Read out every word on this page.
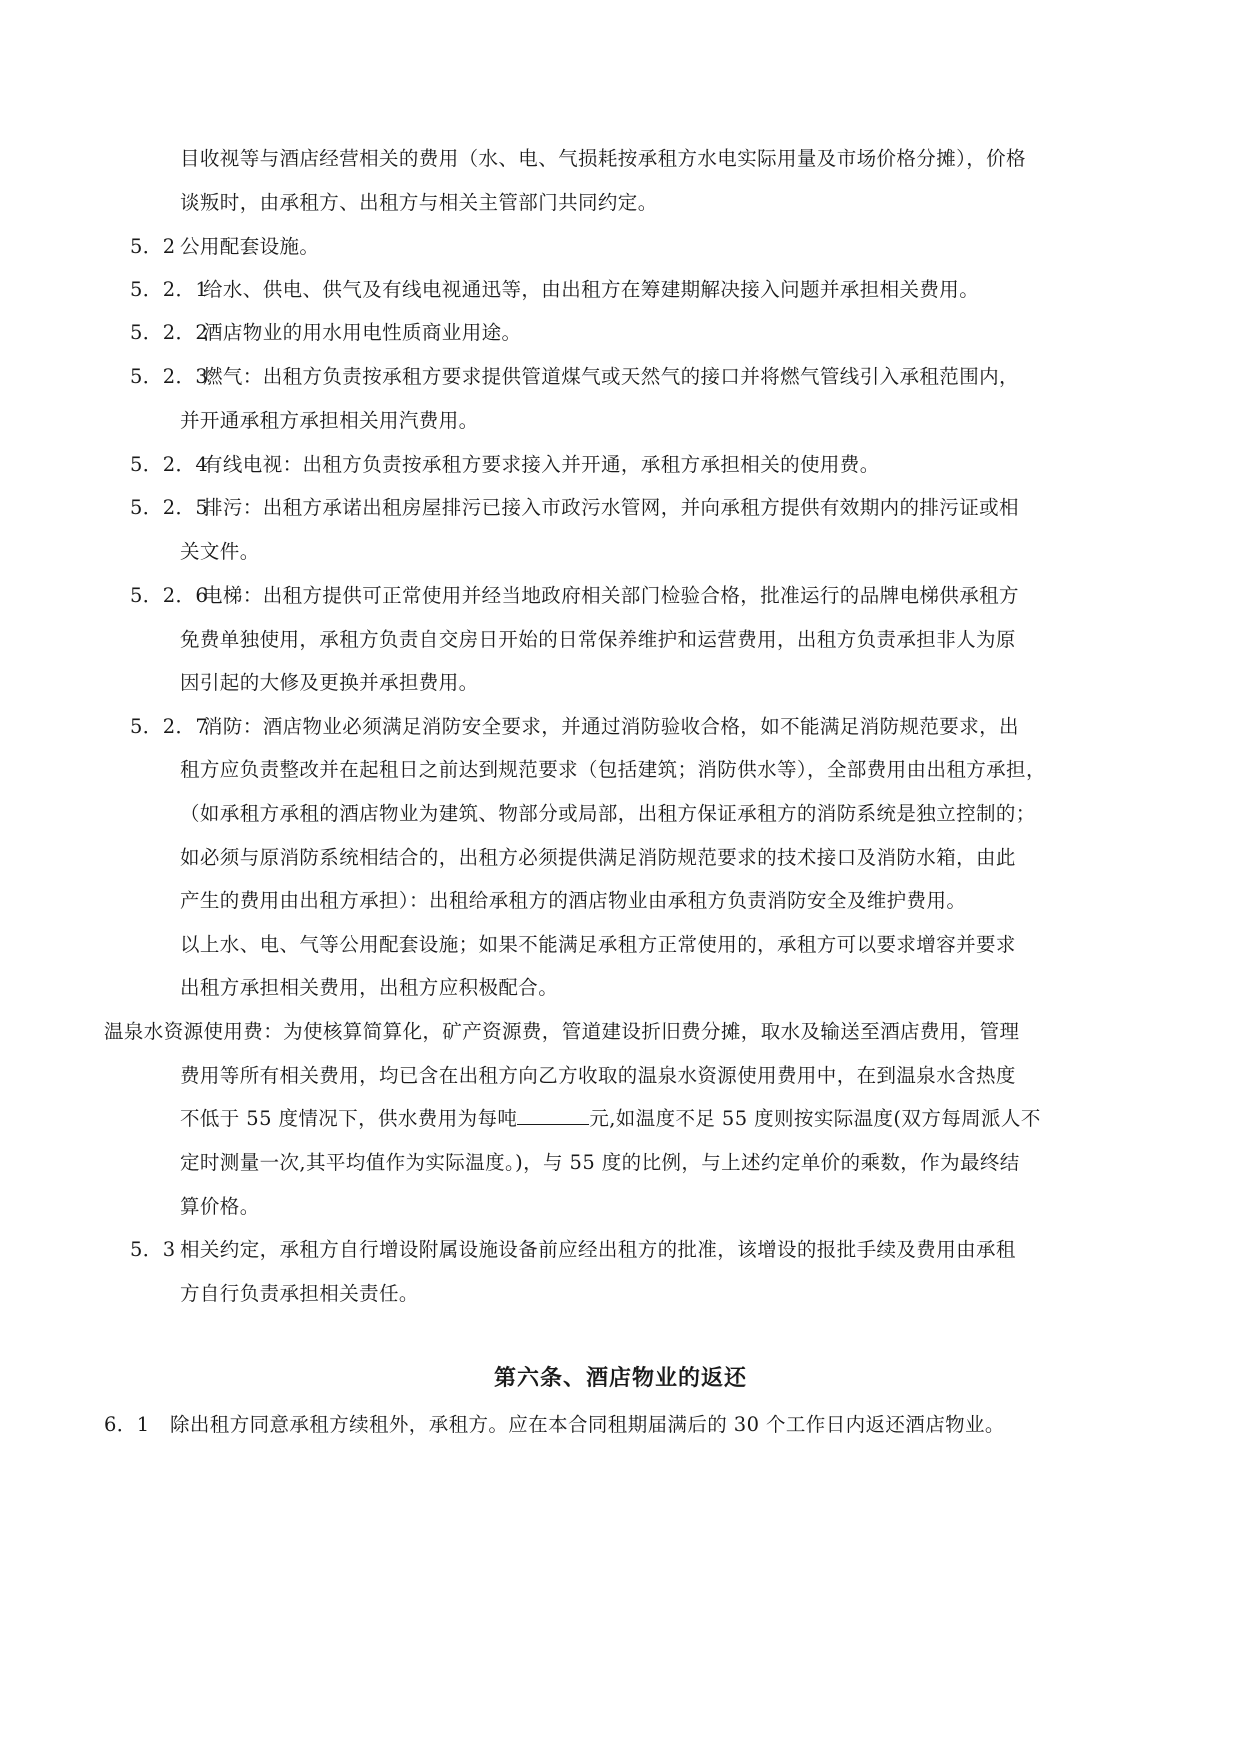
目收视等与酒店经营相关的费用（水、电、气损耗按承租方水电实际用量及市场价格分摊），价格
谈叛时，由承租方、出租方与相关主管部门共同约定。
5．2 公用配套设施。
5．2．1
给水、供电、供气及有线电视通迅等，由出租方在筹建期解决接入问题并承担相关费用。
5．2．2
酒店物业的用水用电性质商业用途。
5．2．3
燃气：出租方负责按承租方要求提供管道煤气或天然气的接口并将燃气管线引入承租范围内，
并开通承租方承担相关用汽费用。
5．2．4
有线电视：出租方负责按承租方要求接入并开通，承租方承担相关的使用费。
5．2．5
排污：出租方承诺出租房屋排污已接入市政污水管网，并向承租方提供有效期内的排污证或相
关文件。
5．2．6
电梯：出租方提供可正常使用并经当地政府相关部门检验合格，批准运行的品牌电梯供承租方
免费单独使用，承租方负责自交房日开始的日常保养维护和运营费用，出租方负责承担非人为原
因引起的大修及更换并承担费用。
5．2．7
消防：酒店物业必须满足消防安全要求，并通过消防验收合格，如不能满足消防规范要求，出
租方应负责整改并在起租日之前达到规范要求（包括建筑；消防供水等），全部费用由出租方承担，
（如承租方承租的酒店物业为建筑、物部分或局部，出租方保证承租方的消防系统是独立控制的；
如必须与原消防系统相结合的，出租方必须提供满足消防规范要求的技术接口及消防水箱，由此
产生的费用由出租方承担）：出租给承租方的酒店物业由承租方负责消防安全及维护费用。
以上水、电、气等公用配套设施；如果不能满足承租方正常使用的，承租方可以要求增容并要求
出租方承担相关费用，出租方应积极配合。
温泉水资源使用费：为使核算简算化，矿产资源费，管道建设折旧费分摊，取水及输送至酒店费用，管理
费用等所有相关费用，均已含在出租方向乙方收取的温泉水资源使用费用中，在到温泉水含热度
不低于 55 度情况下，供水费用为每吨	元,如温度不足 55 度则按实际温度(双方每周派人不
定时测量一次,其平均值作为实际温度。)，与 55 度的比例，与上述约定单价的乘数，作为最终结
算价格。
5．3 相关约定，承租方自行增设附属设施设备前应经出租方的批准，该增设的报批手续及费用由承租
方自行负责承担相关责任。
第六条、酒店物业的返还
6．1 除出租方同意承租方续租外，承租方。应在本合同租期届满后的 30 个工作日内返还酒店物业。
